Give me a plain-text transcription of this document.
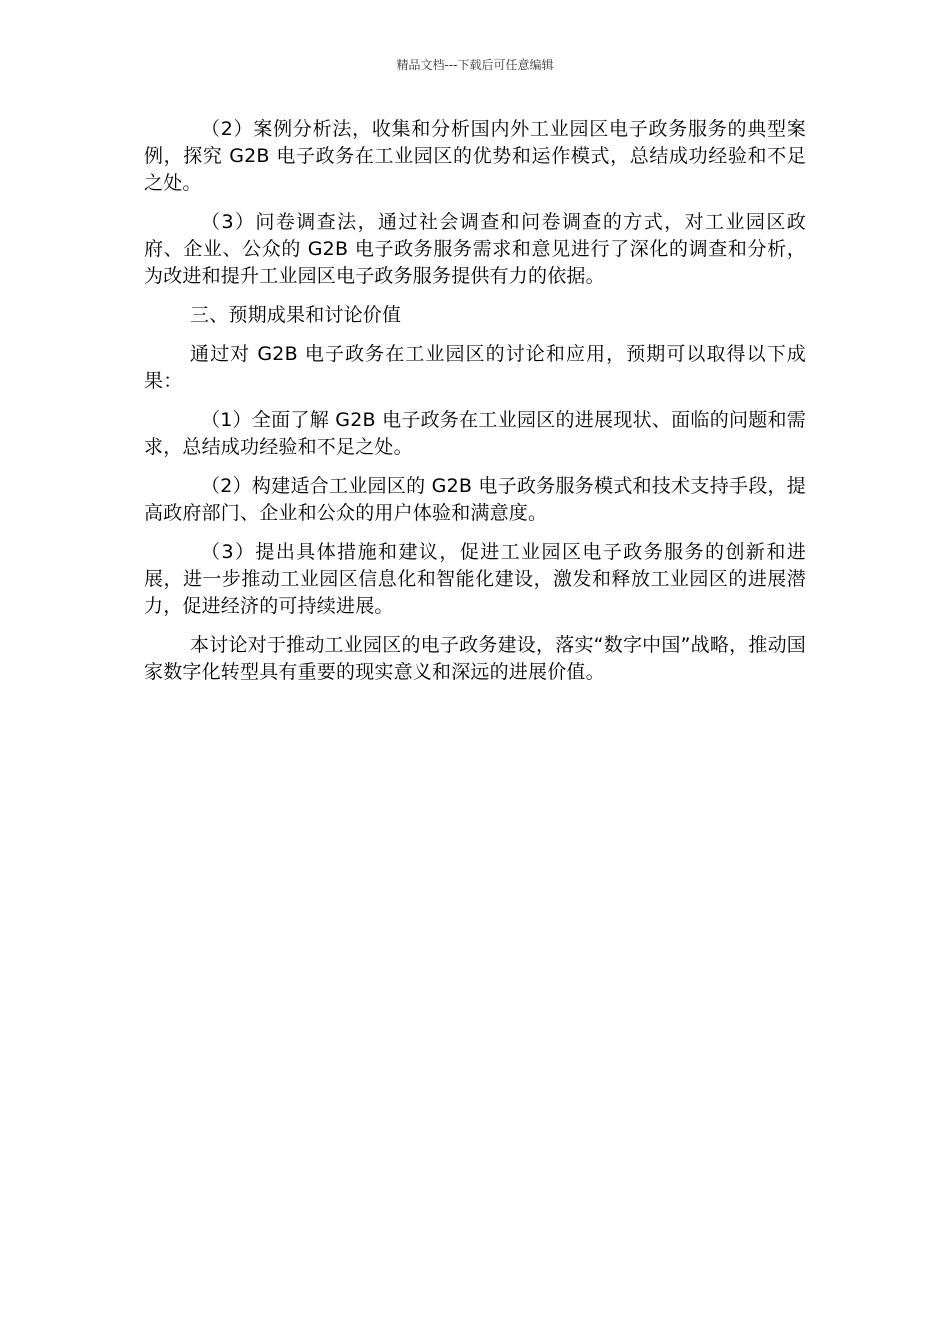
精品文档---下载后可任意编辑

（2）案例分析法，收集和分析国内外工业园区电子政务服务的典型案例，探究 G2B 电子政务在工业园区的优势和运作模式，总结成功经验和不足之处。

（3）问卷调查法，通过社会调查和问卷调查的方式，对工业园区政府、企业、公众的 G2B 电子政务服务需求和意见进行了深化的调查和分析，为改进和提升工业园区电子政务服务提供有力的依据。

三、预期成果和讨论价值

通过对 G2B 电子政务在工业园区的讨论和应用，预期可以取得以下成果：

（1）全面了解 G2B 电子政务在工业园区的进展现状、面临的问题和需求，总结成功经验和不足之处。

（2）构建适合工业园区的 G2B 电子政务服务模式和技术支持手段，提高政府部门、企业和公众的用户体验和满意度。

（3）提出具体措施和建议，促进工业园区电子政务服务的创新和进展，进一步推动工业园区信息化和智能化建设，激发和释放工业园区的进展潜力，促进经济的可持续进展。

本讨论对于推动工业园区的电子政务建设，落实“数字中国”战略，推动国家数字化转型具有重要的现实意义和深远的进展价值。
